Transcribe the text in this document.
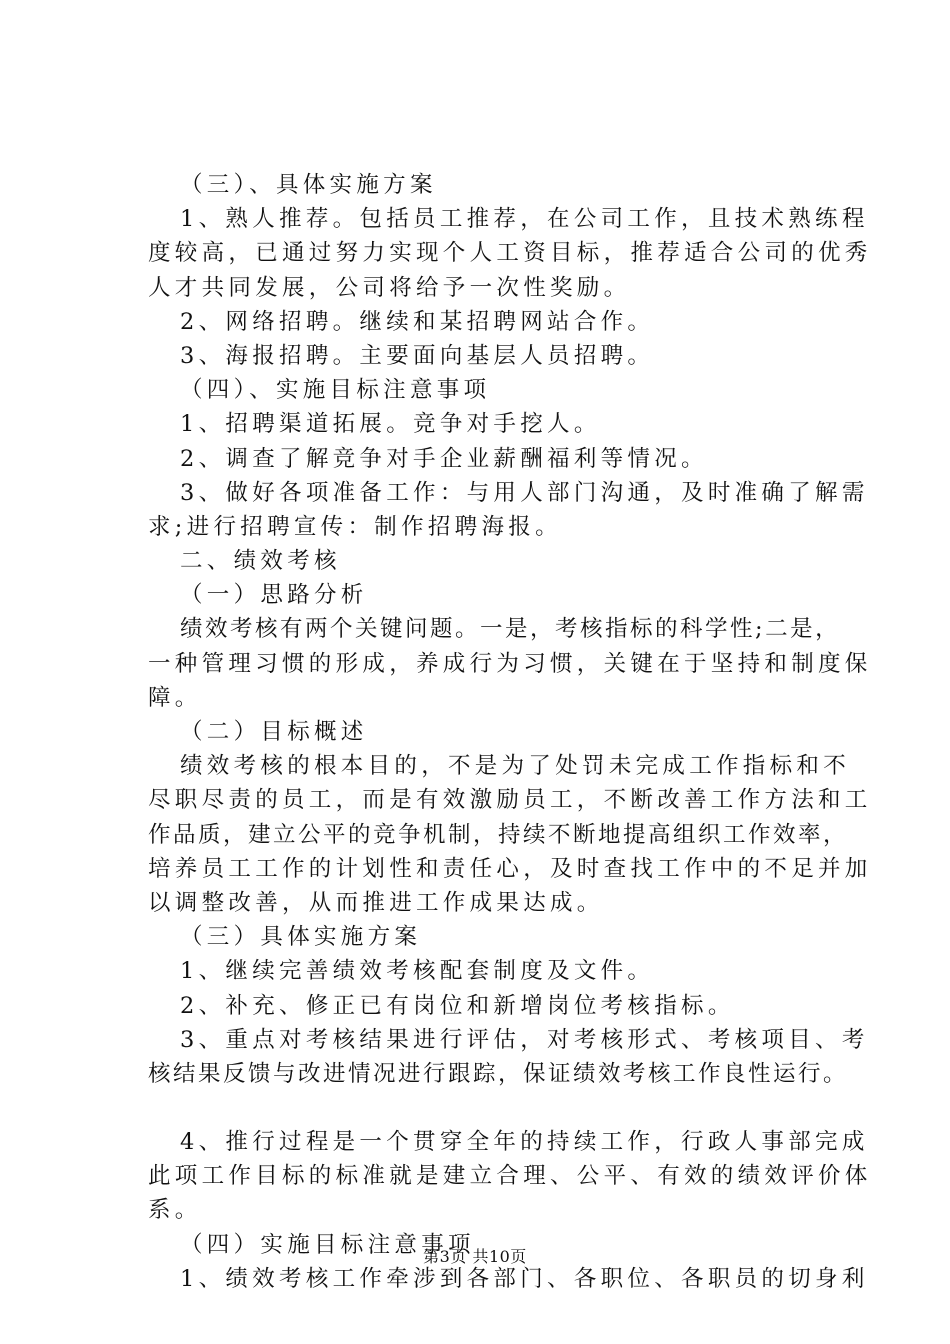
（三）、具体实施方案
1、熟人推荐。包括员工推荐，在公司工作，且技术熟练程
度较高，已通过努力实现个人工资目标，推荐适合公司的优秀
人才共同发展，公司将给予一次性奖励。
2、网络招聘。继续和某招聘网站合作。
3、海报招聘。主要面向基层人员招聘。
（四）、实施目标注意事项
1、招聘渠道拓展。竞争对手挖人。
2、调查了解竞争对手企业薪酬福利等情况。
3、做好各项准备工作：与用人部门沟通，及时准确了解需
求;进行招聘宣传：制作招聘海报。
二、绩效考核
（一）思路分析
绩效考核有两个关键问题。一是，考核指标的科学性;二是，
一种管理习惯的形成，养成行为习惯，关键在于坚持和制度保
障。
（二）目标概述
绩效考核的根本目的，不是为了处罚未完成工作指标和不
尽职尽责的员工，而是有效激励员工，不断改善工作方法和工
作品质，建立公平的竞争机制，持续不断地提高组织工作效率，
培养员工工作的计划性和责任心，及时查找工作中的不足并加
以调整改善，从而推进工作成果达成。
（三）具体实施方案
1、继续完善绩效考核配套制度及文件。
2、补充、修正已有岗位和新增岗位考核指标。
3、重点对考核结果进行评估，对考核形式、考核项目、考
核结果反馈与改进情况进行跟踪，保证绩效考核工作良性运行。
4、推行过程是一个贯穿全年的持续工作，行政人事部完成
此项工作目标的标准就是建立合理、公平、有效的绩效评价体
系。
（四）实施目标注意事项
1、绩效考核工作牵涉到各部门、各职位、各职员的切身利
第3页 共10页
